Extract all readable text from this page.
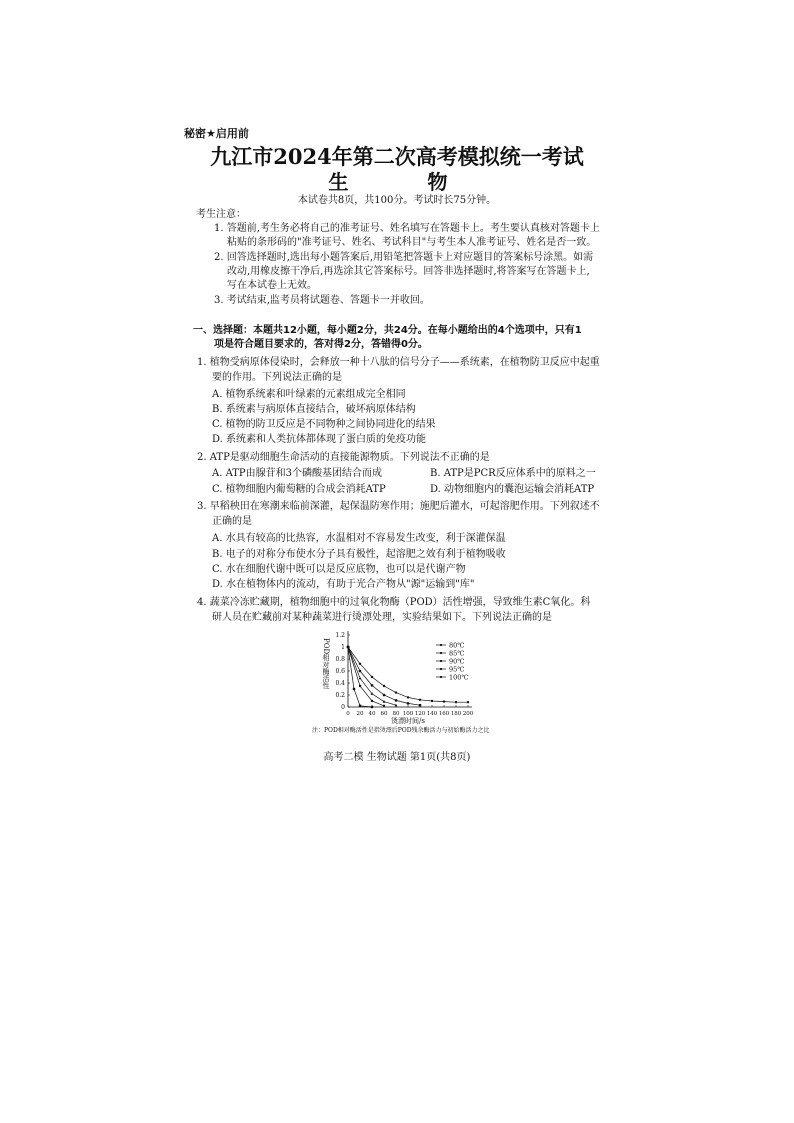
秘密★启用前
九江市2024年第二次高考模拟统一考试
生 物
本试卷共8页，共100分。考试时长75分钟。
考生注意：
1. 答题前,考生务必将自己的准考证号、姓名填写在答题卡上。考生要认真核对答题卡上
粘贴的条形码的"准考证号、姓名、考试科目"与考生本人准考证号、姓名是否一致。
2. 回答选择题时,选出每小题答案后,用铅笔把答题卡上对应题目的答案标号涂黑。如需
改动,用橡皮擦干净后,再选涂其它答案标号。回答非选择题时,将答案写在答题卡上,
写在本试卷上无效。
3. 考试结束,监考员将试题卷、答题卡一并收回。
一、选择题：本题共12小题，每小题2分，共24分。在每小题给出的4个选项中，只有1
项是符合题目要求的，答对得2分，答错得0分。
1. 植物受病原体侵染时，会释放一种十八肽的信号分子——系统素，在植物防卫反应中起重
要的作用。下列说法正确的是
A. 植物系统素和叶绿素的元素组成完全相同
B. 系统素与病原体直接结合，破坏病原体结构
C. 植物的防卫反应是不同物种之间协同进化的结果
D. 系统素和人类抗体都体现了蛋白质的免疫功能
2. ATP是驱动细胞生命活动的直接能源物质。下列说法不正确的是
A. ATP由腺苷和3个磷酸基团结合而成	B. ATP是PCR反应体系中的原料之一
C. 植物细胞内葡萄糖的合成会消耗ATP	D. 动物细胞内的囊泡运输会消耗ATP
3. 早稻秧田在寒潮来临前深灌，起保温防寒作用；施肥后灌水，可起溶肥作用。下列叙述不
正确的是
A. 水具有较高的比热容，水温相对不容易发生改变，利于深灌保温
B. 电子的对称分布使水分子具有极性，起溶肥之效有利于植物吸收
C. 水在细胞代谢中既可以是反应底物，也可以是代谢产物
D. 水在植物体内的流动，有助于光合产物从"源"运输到"库"
4. 蔬菜冷冻贮藏期，植物细胞中的过氧化物酶（POD）活性增强，导致维生素C氧化。科
研人员在贮藏前对某种蔬菜进行烫漂处理，实验结果如下。下列说法正确的是
0
0.2
0.4
0.6
0.8
1
1.2
0 20 40 60 80 100 120 140 160 180 200
烫漂时间/s
POD相对酶活性	80℃
85℃
90℃
95℃
100℃
注：POD相对酶活性是指烫漂后POD残余酶活力与初始酶活力之比
高考二模 生物试题 第1页(共8页)
